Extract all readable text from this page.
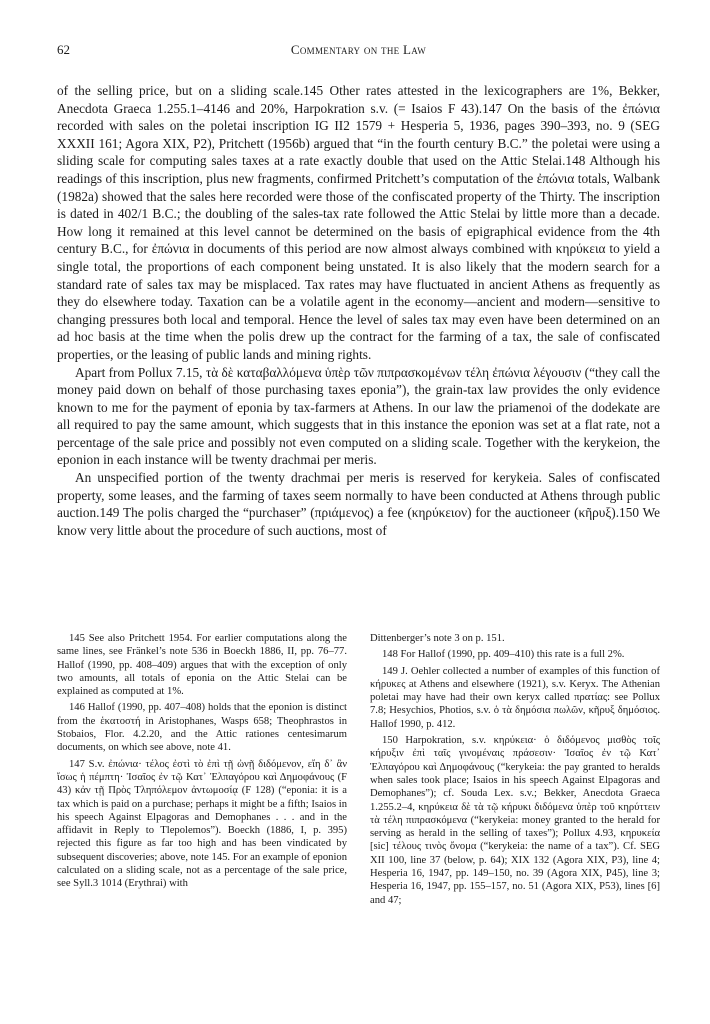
62	Commentary on the Law

of the selling price, but on a sliding scale.145 Other rates attested in the lexicographers are 1%, Bekker, Anecdota Graeca 1.255.1–4146 and 20%, Harpokration s.v. (= Isaios F 43).147 On the basis of the ἐπώνια recorded with sales on the poletai inscription IG II2 1579 + Hesperia 5, 1936, pages 390–393, no. 9 (SEG XXXII 161; Agora XIX, P2), Pritchett (1956b) argued that “in the fourth century B.C.” the poletai were using a sliding scale for computing sales taxes at a rate exactly double that used on the Attic Stelai.148 Although his readings of this inscription, plus new fragments, confirmed Pritchett’s computation of the ἐπώνια totals, Walbank (1982a) showed that the sales here recorded were those of the confiscated property of the Thirty. The inscription is dated in 402/1 B.C.; the doubling of the sales-tax rate followed the Attic Stelai by little more than a decade. How long it remained at this level cannot be determined on the basis of epigraphical evidence from the 4th century B.C., for ἐπώνια in documents of this period are now almost always combined with κηρύκεια to yield a single total, the proportions of each component being unstated. It is also likely that the modern search for a standard rate of sales tax may be misplaced. Tax rates may have fluctuated in ancient Athens as frequently as they do elsewhere today. Taxation can be a volatile agent in the economy—ancient and modern—sensitive to changing pressures both local and temporal. Hence the level of sales tax may even have been determined on an ad hoc basis at the time when the polis drew up the contract for the farming of a tax, the sale of confiscated properties, or the leasing of public lands and mining rights.

Apart from Pollux 7.15, τὰ δὲ καταβαλλόμενα ὑπὲρ τῶν πιπρασκομένων τέλη ἐπώνια λέγουσιν (“they call the money paid down on behalf of those purchasing taxes eponia”), the grain-tax law provides the only evidence known to me for the payment of eponia by tax-farmers at Athens. In our law the priamenoi of the dodekate are all required to pay the same amount, which suggests that in this instance the eponion was set at a flat rate, not a percentage of the sale price and possibly not even computed on a sliding scale. Together with the kerykeion, the eponion in each instance will be twenty drachmai per meris.

An unspecified portion of the twenty drachmai per meris is reserved for kerykeia. Sales of confiscated property, some leases, and the farming of taxes seem normally to have been conducted at Athens through public auction.149 The polis charged the “purchaser” (πριάμενος) a fee (κηρύκειον) for the auctioneer (κῆρυξ).150 We know very little about the procedure of such auctions, most of

145 See also Pritchett 1954. For earlier computations along the same lines, see Fränkel’s note 536 in Boeckh 1886, II, pp. 76–77. Hallof (1990, pp. 408–409) argues that with the exception of only two amounts, all totals of eponia on the Attic Stelai can be explained as computed at 1%.

146 Hallof (1990, pp. 407–408) holds that the eponion is distinct from the ἑκατοστή in Aristophanes, Wasps 658; Theophrastos in Stobaios, Flor. 4.2.20, and the Attic rationes centesimarum documents, on which see above, note 41.

147 S.v. ἐπώνια· τέλος ἐστὶ τὸ ἐπὶ τῇ ὠνῇ διδόμενον, εἴη δ᾿ ἂν ἴσως ἡ πέμπτη· Ἰσαῖος ἐν τῷ Κατ᾿ Ἐλπαγόρου καὶ Δημοφάνους (F 43) κἀν τῇ Πρὸς Τληπόλεμον ἀντωμοσίᾳ (F 128) (“eponia: it is a tax which is paid on a purchase; perhaps it might be a fifth; Isaios in his speech Against Elpagoras and Demophanes . . . and in the affidavit in Reply to Tlepolemos”). Boeckh (1886, I, p. 395) rejected this figure as far too high and has been vindicated by subsequent discoveries; above, note 145. For an example of eponion calculated on a sliding scale, not as a percentage of the sale price, see Syll.3 1014 (Erythrai) with

Dittenberger’s note 3 on p. 151.

148 For Hallof (1990, pp. 409–410) this rate is a full 2%.

149 J. Oehler collected a number of examples of this function of κήρυκες at Athens and elsewhere (1921), s.v. Keryx. The Athenian poletai may have had their own keryx called πρατίας: see Pollux 7.8; Hesychios, Photios, s.v. ὁ τὰ δημόσια πωλῶν, κῆρυξ δημόσιος. Hallof 1990, p. 412.

150 Harpokration, s.v. κηρύκεια· ὁ διδόμενος μισθὸς τοῖς κήρυξιν ἐπὶ ταῖς γινομέναις πράσεσιν· Ἰσαῖος ἐν τῷ Κατ᾿ Ἐλπαγόρου καὶ Δημοφάνους (“kerykeia: the pay granted to heralds when sales took place; Isaios in his speech Against Elpagoras and Demophanes”); cf. Souda Lex. s.v.; Bekker, Anecdota Graeca 1.255.2–4, κηρύκεια δὲ τὰ τῷ κήρυκι διδόμενα ὑπὲρ τοῦ κηρύττειν τὰ τέλη πιπρασκόμενα (“kerykeia: money granted to the herald for serving as herald in the selling of taxes”); Pollux 4.93, κηρυκεία [sic] τέλους τινὸς ὄνομα (“kerykeia: the name of a tax”). Cf. SEG XII 100, line 37 (below, p. 64); XIX 132 (Agora XIX, P3), line 4; Hesperia 16, 1947, pp. 149–150, no. 39 (Agora XIX, P45), line 3; Hesperia 16, 1947, pp. 155–157, no. 51 (Agora XIX, P53), lines [6] and 47;
